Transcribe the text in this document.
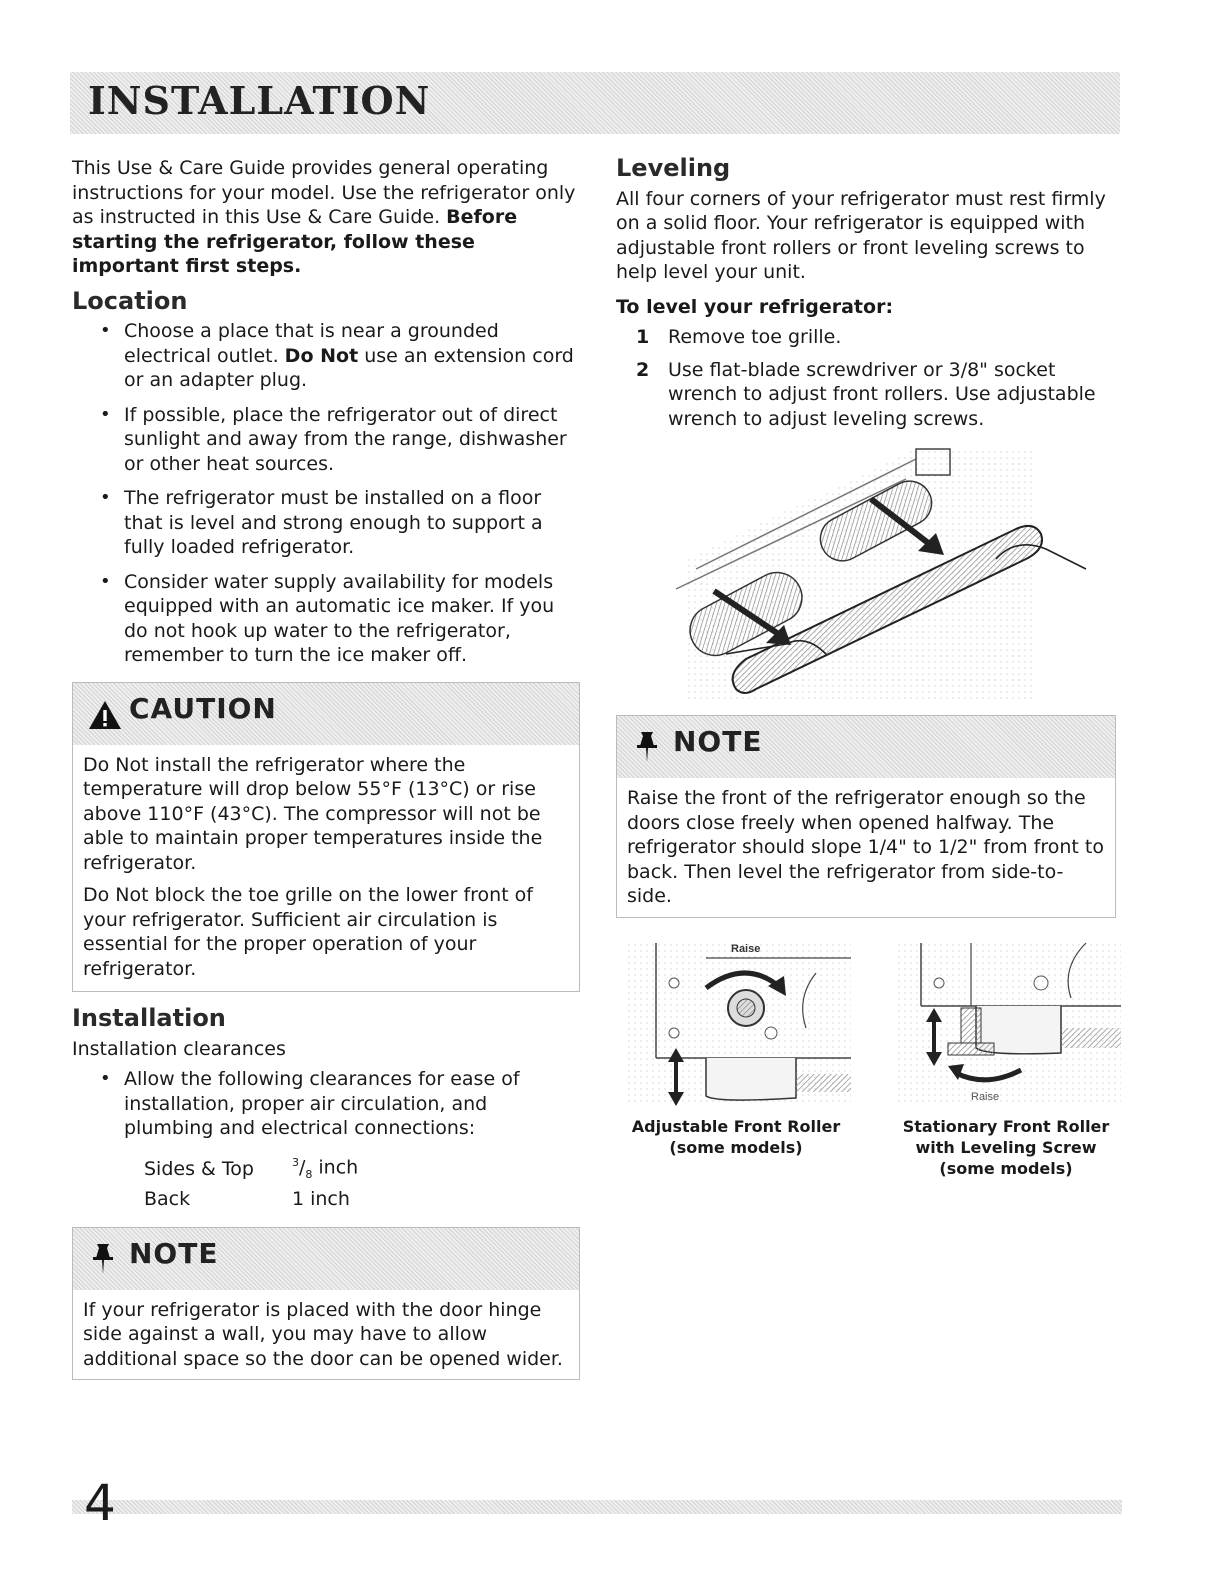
INSTALLATION

This Use & Care Guide provides general operating instructions for your model. Use the refrigerator only as instructed in this Use & Care Guide. Before starting the refrigerator, follow these important first steps.

Location
• Choose a place that is near a grounded electrical outlet. Do Not use an extension cord or an adapter plug.
• If possible, place the refrigerator out of direct sunlight and away from the range, dishwasher or other heat sources.
• The refrigerator must be installed on a floor that is level and strong enough to support a fully loaded refrigerator.
• Consider water supply availability for models equipped with an automatic ice maker. If you do not hook up water to the refrigerator, remember to turn the ice maker off.
CAUTION

Do Not install the refrigerator where the temperature will drop below 55°F (13°C) or rise above 110°F (43°C). The compressor will not be able to maintain proper temperatures inside the refrigerator.

Do Not block the toe grille on the lower front of your refrigerator. Sufficient air circulation is essential for the proper operation of your refrigerator.

Installation

Installation clearances

• Allow the following clearances for ease of installation, proper air circulation, and plumbing and electrical connections:
Sides & Top	$^3/_8$ inch
Back	1 inch
NOTE

If your refrigerator is placed with the door hinge side against a wall, you may have to allow additional space so the door can be opened wider.

Leveling

All four corners of your refrigerator must rest firmly on a solid floor. Your refrigerator is equipped with adjustable front rollers or front leveling screws to help level your unit.

To level your refrigerator:

1 Remove toe grille.
2 Use flat-blade screwdriver or 3/8" socket wrench to adjust front rollers. Use adjustable wrench to adjust leveling screws.
NOTE

Raise the front of the refrigerator enough so the doors close freely when opened halfway. The refrigerator should slope 1/4" to 1/2" from front to back. Then level the refrigerator from side-to-side.

Raise
Adjustable Front Roller
(some models)
Raise
Stationary Front Roller
with Leveling Screw
(some models)
4
